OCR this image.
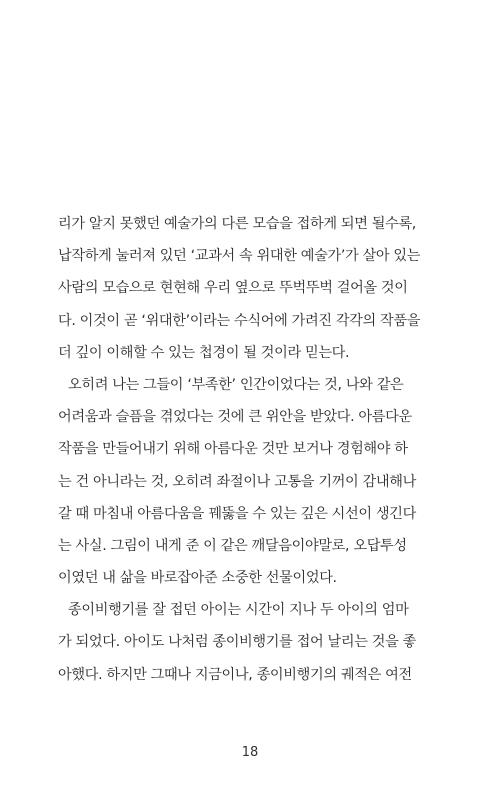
리가 알지 못했던 예술가의 다른 모습을 접하게 되면 될수록,
납작하게 눌러져 있던 ‘교과서 속 위대한 예술가’가 살아 있는
사람의 모습으로 현현해 우리 옆으로 뚜벅뚜벅 걸어올 것이
다. 이것이 곧 ‘위대한’이라는 수식어에 가려진 각각의 작품을
더 깊이 이해할 수 있는 첩경이 될 것이라 믿는다.
오히려 나는 그들이 ‘부족한’ 인간이었다는 것, 나와 같은
어려움과 슬픔을 겪었다는 것에 큰 위안을 받았다. 아름다운
작품을 만들어내기 위해 아름다운 것만 보거나 경험해야 하
는 건 아니라는 것, 오히려 좌절이나 고통을 기꺼이 감내해나
갈 때 마침내 아름다움을 꿰뚫을 수 있는 깊은 시선이 생긴다
는 사실. 그림이 내게 준 이 같은 깨달음이야말로, 오답투성
이였던 내 삶을 바로잡아준 소중한 선물이었다.
종이비행기를 잘 접던 아이는 시간이 지나 두 아이의 엄마
가 되었다. 아이도 나처럼 종이비행기를 접어 날리는 것을 좋
아했다. 하지만 그때나 지금이나, 종이비행기의 궤적은 여전
18
